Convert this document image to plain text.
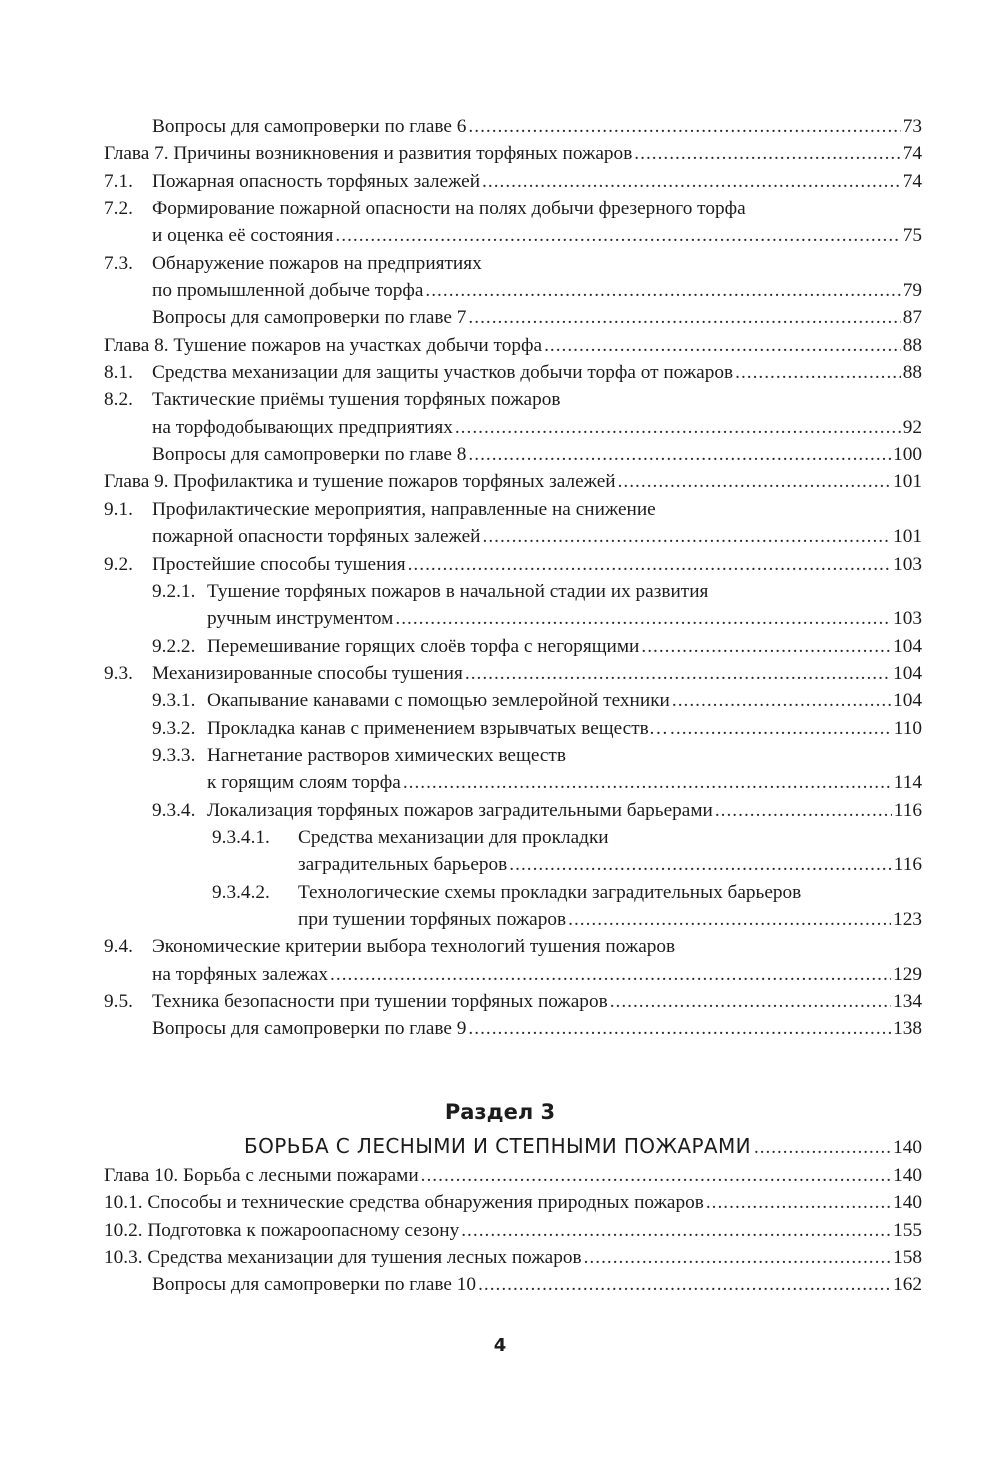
Вопросы для самопроверки по главе 6 .....	73
Глава 7. Причины возникновения и развития торфяных пожаров .....	74
7.1. Пожарная опасность торфяных залежей .....	74
7.2. Формирование пожарной опасности на полях добычи фрезерного торфа
и оценка её состояния .....	75
7.3. Обнаружение пожаров на предприятиях
по промышленной добыче торфа .....	79
Вопросы для самопроверки по главе 7 .....	87
Глава 8. Тушение пожаров на участках добычи торфа .....	88
8.1. Средства механизации для защиты участков добычи торфа от пожаров .....	88
8.2. Тактические приёмы тушения торфяных пожаров
на торфодобывающих предприятиях .....	92
Вопросы для самопроверки по главе 8 .....	100
Глава 9. Профилактика и тушение пожаров торфяных залежей .....	101
9.1. Профилактические мероприятия, направленные на снижение
пожарной опасности торфяных залежей .....	101
9.2. Простейшие способы тушения .....	103
9.2.1. Тушение торфяных пожаров в начальной стадии их развития
ручным инструментом .....	103
9.2.2. Перемешивание горящих слоёв торфа с негорящими .....	104
9.3. Механизированные способы тушения .....	104
9.3.1. Окапывание канавами с помощью землеройной техники .....	104
9.3.2. Прокладка канав с применением взрывчатых веществ… .....	110
9.3.3. Нагнетание растворов химических веществ
к горящим слоям торфа .....	114
9.3.4. Локализация торфяных пожаров заградительными барьерами .....	116
9.3.4.1. Средства механизации для прокладки
заградительных барьеров .....	116
9.3.4.2. Технологические схемы прокладки заградительных барьеров
при тушении торфяных пожаров .....	123
9.4. Экономические критерии выбора технологий тушения пожаров
на торфяных залежах .....	129
9.5. Техника безопасности при тушении торфяных пожаров .....	134
Вопросы для самопроверки по главе 9 .....	138
Раздел 3
БОРЬБА С ЛЕСНЫМИ И СТЕПНЫМИ ПОЖАРАМИ .....	140
Глава 10. Борьба с лесными пожарами .....	140
10.1. Способы и технические средства обнаружения природных пожаров .....	140
10.2. Подготовка к пожароопасному сезону .....	155
10.3. Средства механизации для тушения лесных пожаров .....	158
Вопросы для самопроверки по главе 10 .....	162
4
